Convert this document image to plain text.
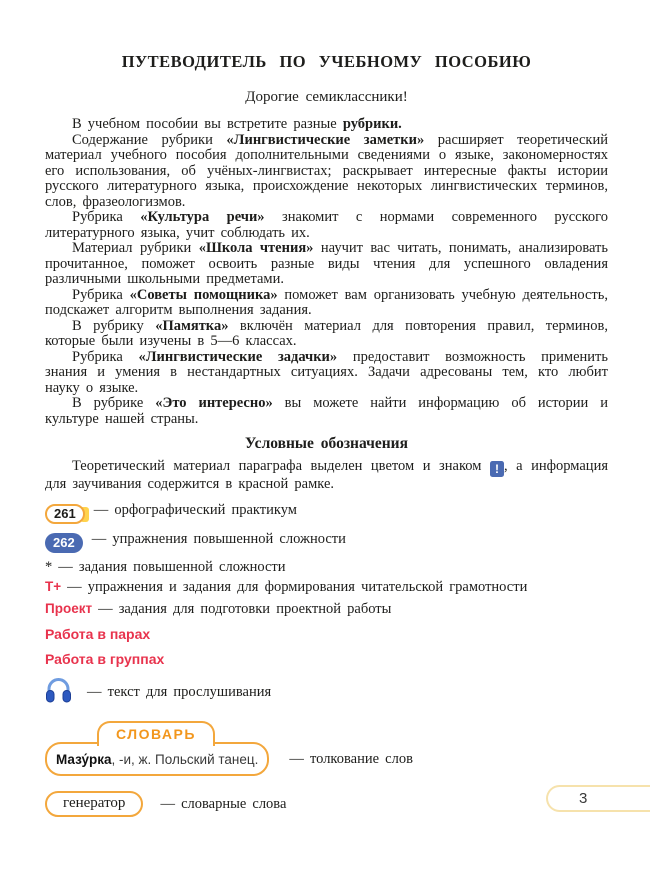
ПУТЕВОДИТЕЛЬ ПО УЧЕБНОМУ ПОСОБИЮ
Дорогие семиклассники!

В учебном пособии вы встретите разные рубрики.

Содержание рубрики «Лингвистические заметки» расширяет теоретический материал учебного пособия дополнительными сведениями о языке, закономерностях его использования, об учёных-лингвистах; раскрывает интересные факты истории русского литературного языка, происхождение некоторых лингвистических терминов, слов, фразеологизмов.

Рубрика «Культура речи» знакомит с нормами современного русского литературного языка, учит соблюдать их.

Материал рубрики «Школа чтения» научит вас читать, понимать, анализировать прочитанное, поможет освоить разные виды чтения для успешного овладения различными школьными предметами.

Рубрика «Советы помощника» поможет вам организовать учебную деятельность, подскажет алгоритм выполнения задания.

В рубрику «Памятка» включён материал для повторения правил, терминов, которые были изучены в 5—6 классах.

Рубрика «Лингвистические задачки» предоставит возможность применить знания и умения в нестандартных ситуациях. Задачи адресованы тем, кто любит науку о языке.

В рубрике «Это интересно» вы можете найти информацию об истории и культуре нашей страны.

Условные обозначения

Теоретический материал параграфа выделен цветом и знаком ! , а информация для заучивания содержится в красной рамке.

261 — орфографический практикум

262 — упражнения повышенной сложности

* — задания повышенной сложности

Т+ — упражнения и задания для формирования читательской грамотности

Проект — задания для подготовки проектной работы

Работа в парах

Работа в группах

— текст для прослушивания
СЛОВАРЬ
Мазу́рка, -и, ж. Польский танец. — толкование слов
генератор	— словарные слова	3
